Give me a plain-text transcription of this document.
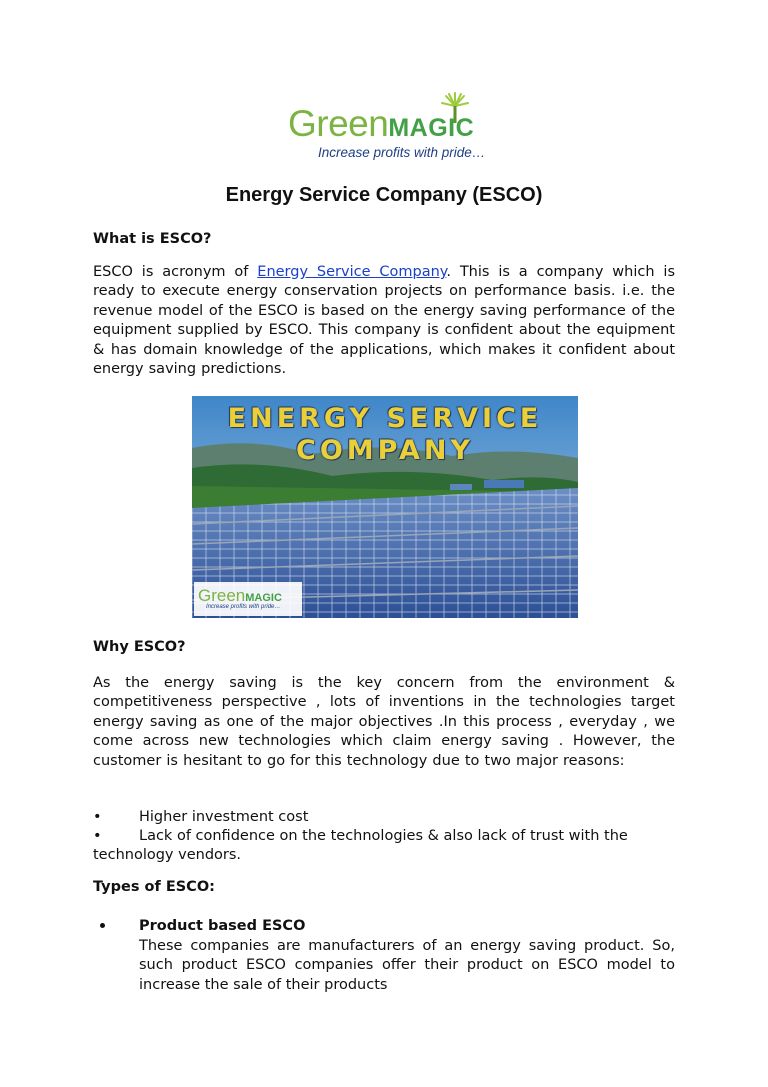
GreenMAGIC
Increase profits with pride…
Energy Service Company (ESCO)
What is ESCO?

ESCO is acronym of Energy Service Company. This is a company which is ready to execute energy conservation projects on performance basis. i.e. the revenue model of the ESCO is based on the energy saving performance of the equipment supplied by ESCO. This company is confident about the equipment & has domain knowledge of the applications, which makes it confident about energy saving predictions.

ENERGY SERVICE
COMPANY
GreenMAGIC
Increase profits with pride…
Why ESCO?

As the energy saving is the key concern from the environment & competitiveness perspective , lots of inventions in the technologies target energy saving as one of the major objectives .In this process , everyday , we come across new technologies which claim energy saving . However, the customer is hesitant to go for this technology due to two major reasons:

•	Higher investment cost
•	Lack of confidence on the technologies & also lack of trust with the
technology vendors.
Types of ESCO:
Product based ESCO

These companies are manufacturers of an energy saving product. So, such product ESCO companies offer their product on ESCO model to increase the sale of their products
